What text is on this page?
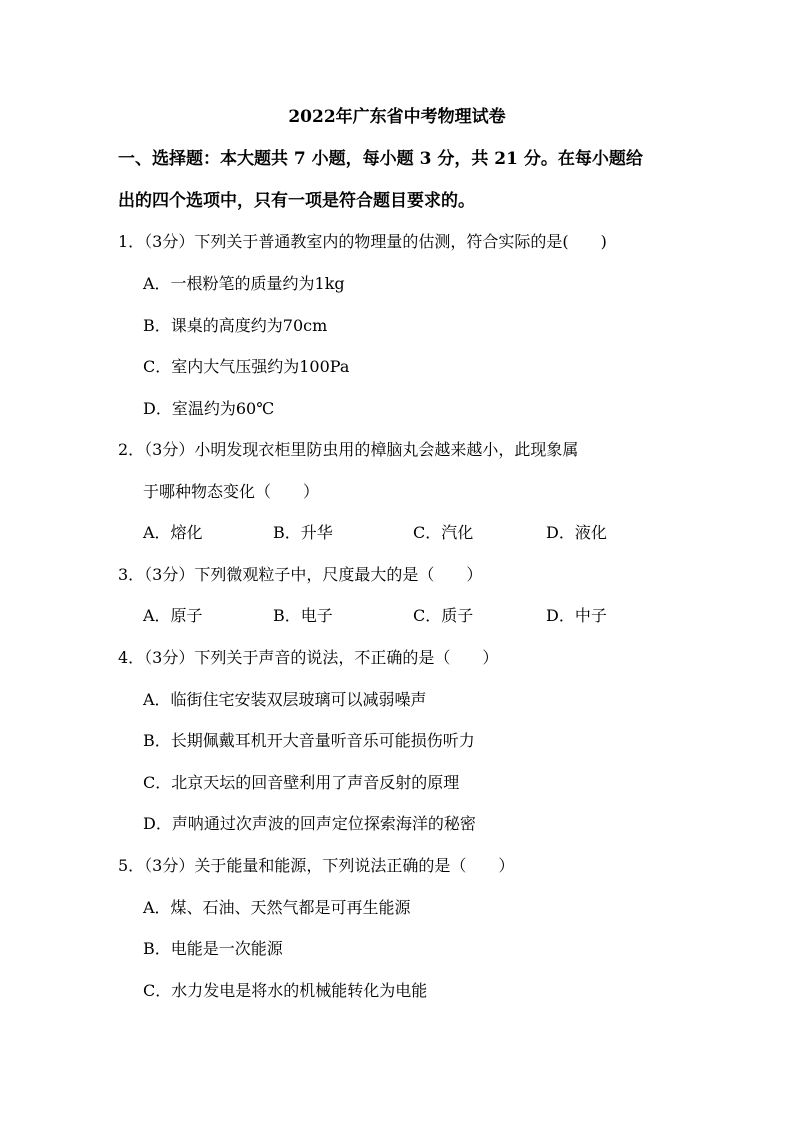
2022年广东省中考物理试卷
一、选择题：本大题共 7 小题，每小题 3 分，共 21 分。在每小题给
出的四个选项中，只有一项是符合题目要求的。
1．（3分）下列关于普通教室内的物理量的估测，符合实际的是(　　)
A．一根粉笔的质量约为1kg
B．课桌的高度约为70cm
C．室内大气压强约为100Pa
D．室温约为60℃
2．（3分）小明发现衣柜里防虫用的樟脑丸会越来越小，此现象属
于哪种物态变化（　　）
A．熔化	B．升华	C．汽化	D．液化
3．（3分）下列微观粒子中，尺度最大的是（　　）
A．原子	B．电子	C．质子	D．中子
4．（3分）下列关于声音的说法，不正确的是（　　）
A．临街住宅安装双层玻璃可以减弱噪声
B．长期佩戴耳机开大音量听音乐可能损伤听力
C．北京天坛的回音壁利用了声音反射的原理
D．声呐通过次声波的回声定位探索海洋的秘密
5．（3分）关于能量和能源，下列说法正确的是（　　）
A．煤、石油、天然气都是可再生能源
B．电能是一次能源
C．水力发电是将水的机械能转化为电能
